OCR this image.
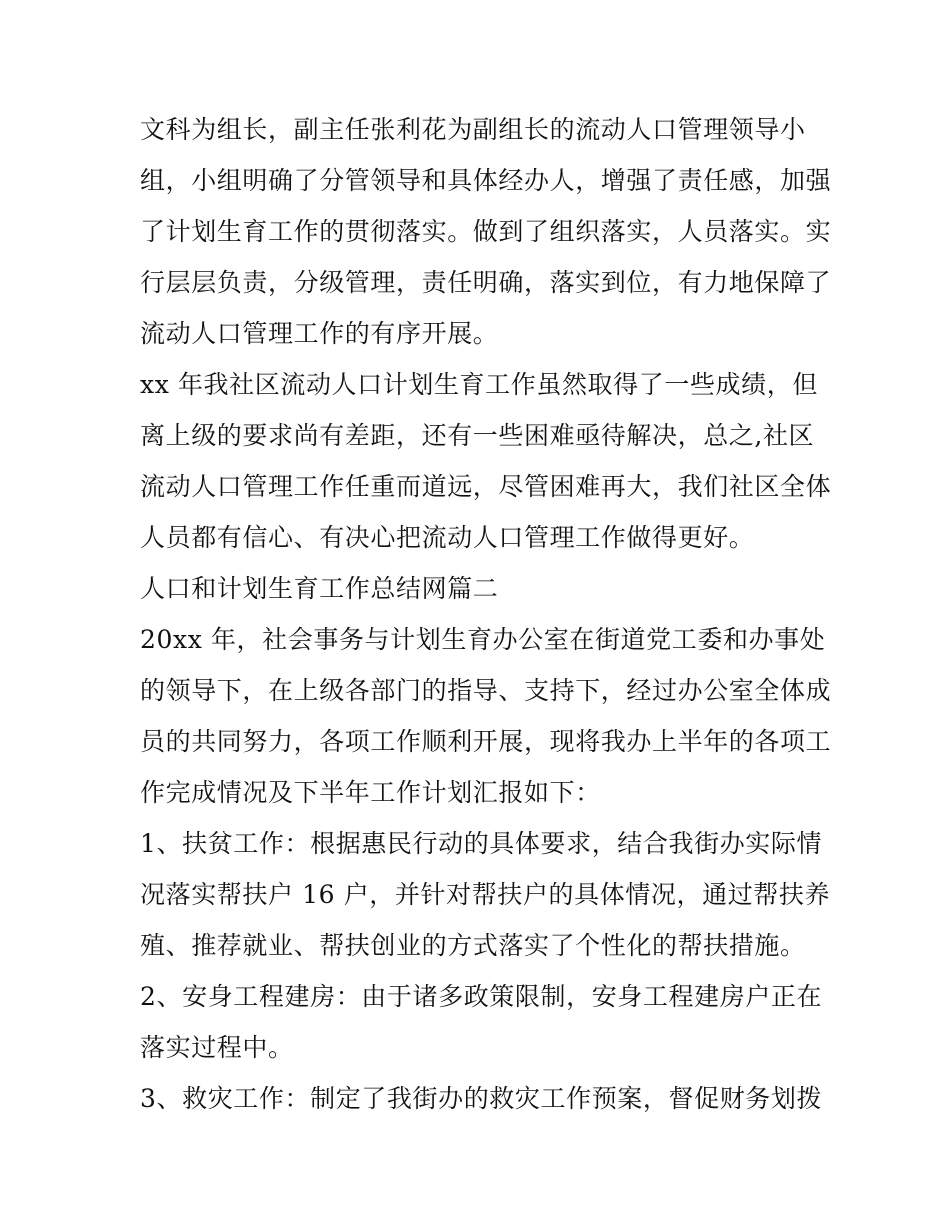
文科为组长，副主任张利花为副组长的流动人口管理领导小
组，小组明确了分管领导和具体经办人，增强了责任感，加强
了计划生育工作的贯彻落实。做到了组织落实，人员落实。实
行层层负责，分级管理，责任明确，落实到位，有力地保障了
流动人口管理工作的有序开展。
xx 年我社区流动人口计划生育工作虽然取得了一些成绩，但
离上级的要求尚有差距，还有一些困难亟待解决，总之,社区
流动人口管理工作任重而道远，尽管困难再大，我们社区全体
人员都有信心、有决心把流动人口管理工作做得更好。
人口和计划生育工作总结网篇二
20xx 年，社会事务与计划生育办公室在街道党工委和办事处
的领导下，在上级各部门的指导、支持下，经过办公室全体成
员的共同努力，各项工作顺利开展，现将我办上半年的各项工
作完成情况及下半年工作计划汇报如下：
1、扶贫工作：根据惠民行动的具体要求，结合我街办实际情
况落实帮扶户 16 户，并针对帮扶户的具体情况，通过帮扶养
殖、推荐就业、帮扶创业的方式落实了个性化的帮扶措施。
2、安身工程建房：由于诸多政策限制，安身工程建房户正在
落实过程中。
3、救灾工作：制定了我街办的救灾工作预案，督促财务划拨
